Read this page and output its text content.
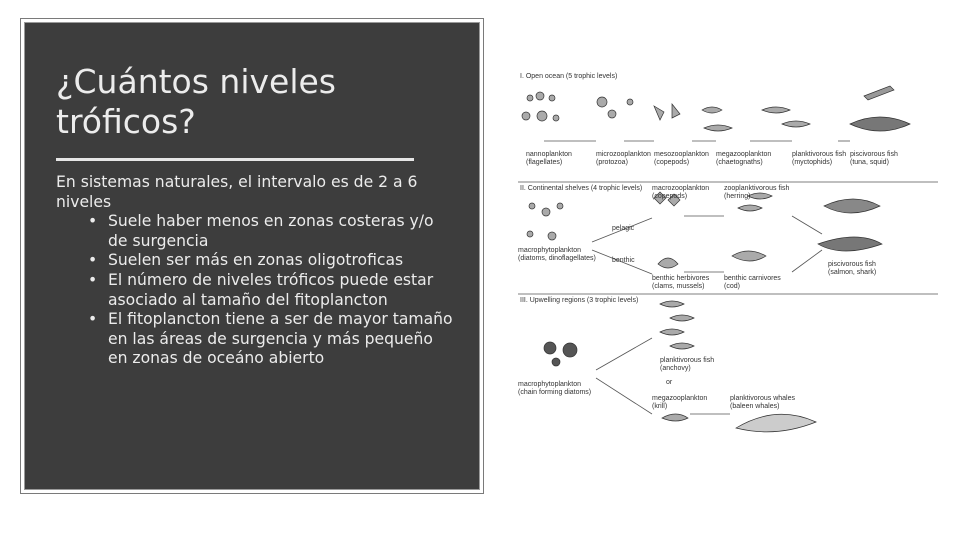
¿Cuántos niveles tróficos?

En sistemas naturales, el intervalo es de 2 a 6 niveles

• Suele haber menos en zonas costeras y/o de surgencia
• Suelen ser más en zonas oligotroficas
• El número de niveles tróficos puede estar asociado al tamaño del fitoplancton
• El fitoplancton tiene a ser de mayor tamaño en las áreas de surgencia y más pequeño en zonas de oceáno abierto
I. Open ocean (5 trophic levels)
II. Continental shelves (4 trophic levels)
III. Upwelling regions (3 trophic levels)
nannoplankton (flagellates)
microzooplankton (protozoa)
mesozooplankton (copepods)
megazooplankton (chaetognaths)
planktivorous fish (myctophids)
piscivorous fish (tuna, squid)
macrozooplankton (copepods)
zooplanktivorous fish (herring)
macrophytoplankton (diatoms, dinoflagellates)
piscivorous fish (salmon, shark)
benthic herbivores (clams, mussels)
benthic carnivores (cod)
pelagic
benthic
planktivorous fish (anchovy)
macrophytoplankton (chain forming diatoms)
or
megazooplankton (krill)
planktivorous whales (baleen whales)
